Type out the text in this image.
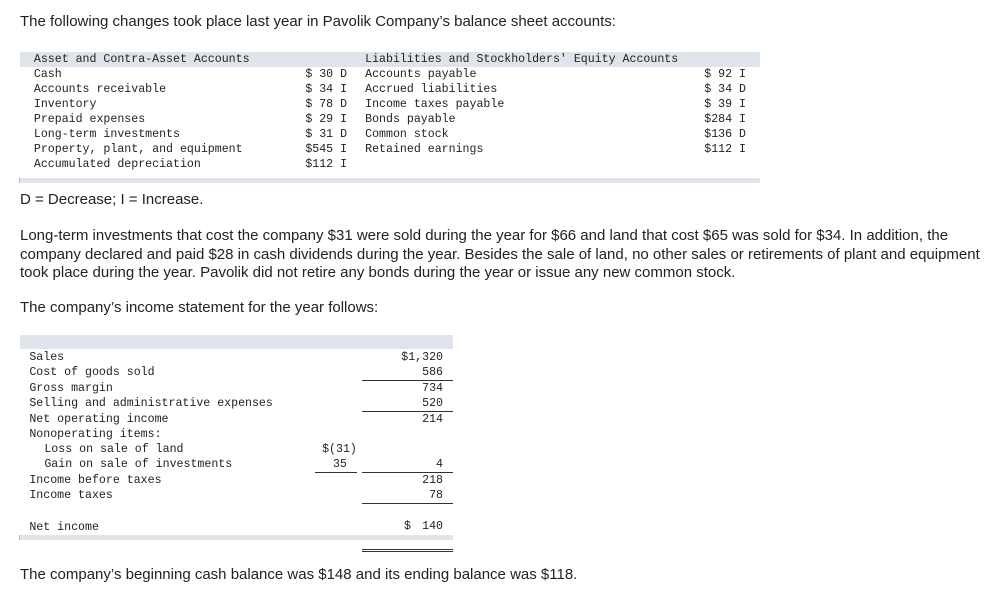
The following changes took place last year in Pavolik Company’s balance sheet accounts:
	Asset and Contra-Asset Accounts		Liabilities and Stockholders' Equity Accounts	
	Cash	$ 30 D	Accounts payable	$ 92 I
	Accounts receivable	$ 34 I	Accrued liabilities	$ 34 D
	Inventory	$ 78 D	Income taxes payable	$ 39 I
	Prepaid expenses	$ 29 I	Bonds payable	$284 I
	Long-term investments	$ 31 D	Common stock	$136 D
	Property, plant, and equipment	$545 I	Retained earnings	$112 I
	Accumulated depreciation	$112 I		
D = Decrease; I = Increase.
Long-term investments that cost the company $31 were sold during the year for $66 and land that cost $65 was sold for $34. In addition, the company declared and paid $28 in cash dividends during the year. Besides the sale of land, no other sales or retirements of plant and equipment took place during the year. Pavolik did not retire any bonds during the year or issue any new common stock.
The company’s income statement for the year follows:
	Sales			$1,320
	Cost of goods sold			586
	Gross margin			734
	Selling and administrative expenses			520
	Net operating income			214
	Nonoperating items:			
	Loss on sale of land	$(31)		
	Gain on sale of investments	35		4
	Income before taxes			218
	Income taxes			78
	Net income			$ 140

The company’s beginning cash balance was $148 and its ending balance was $118.
